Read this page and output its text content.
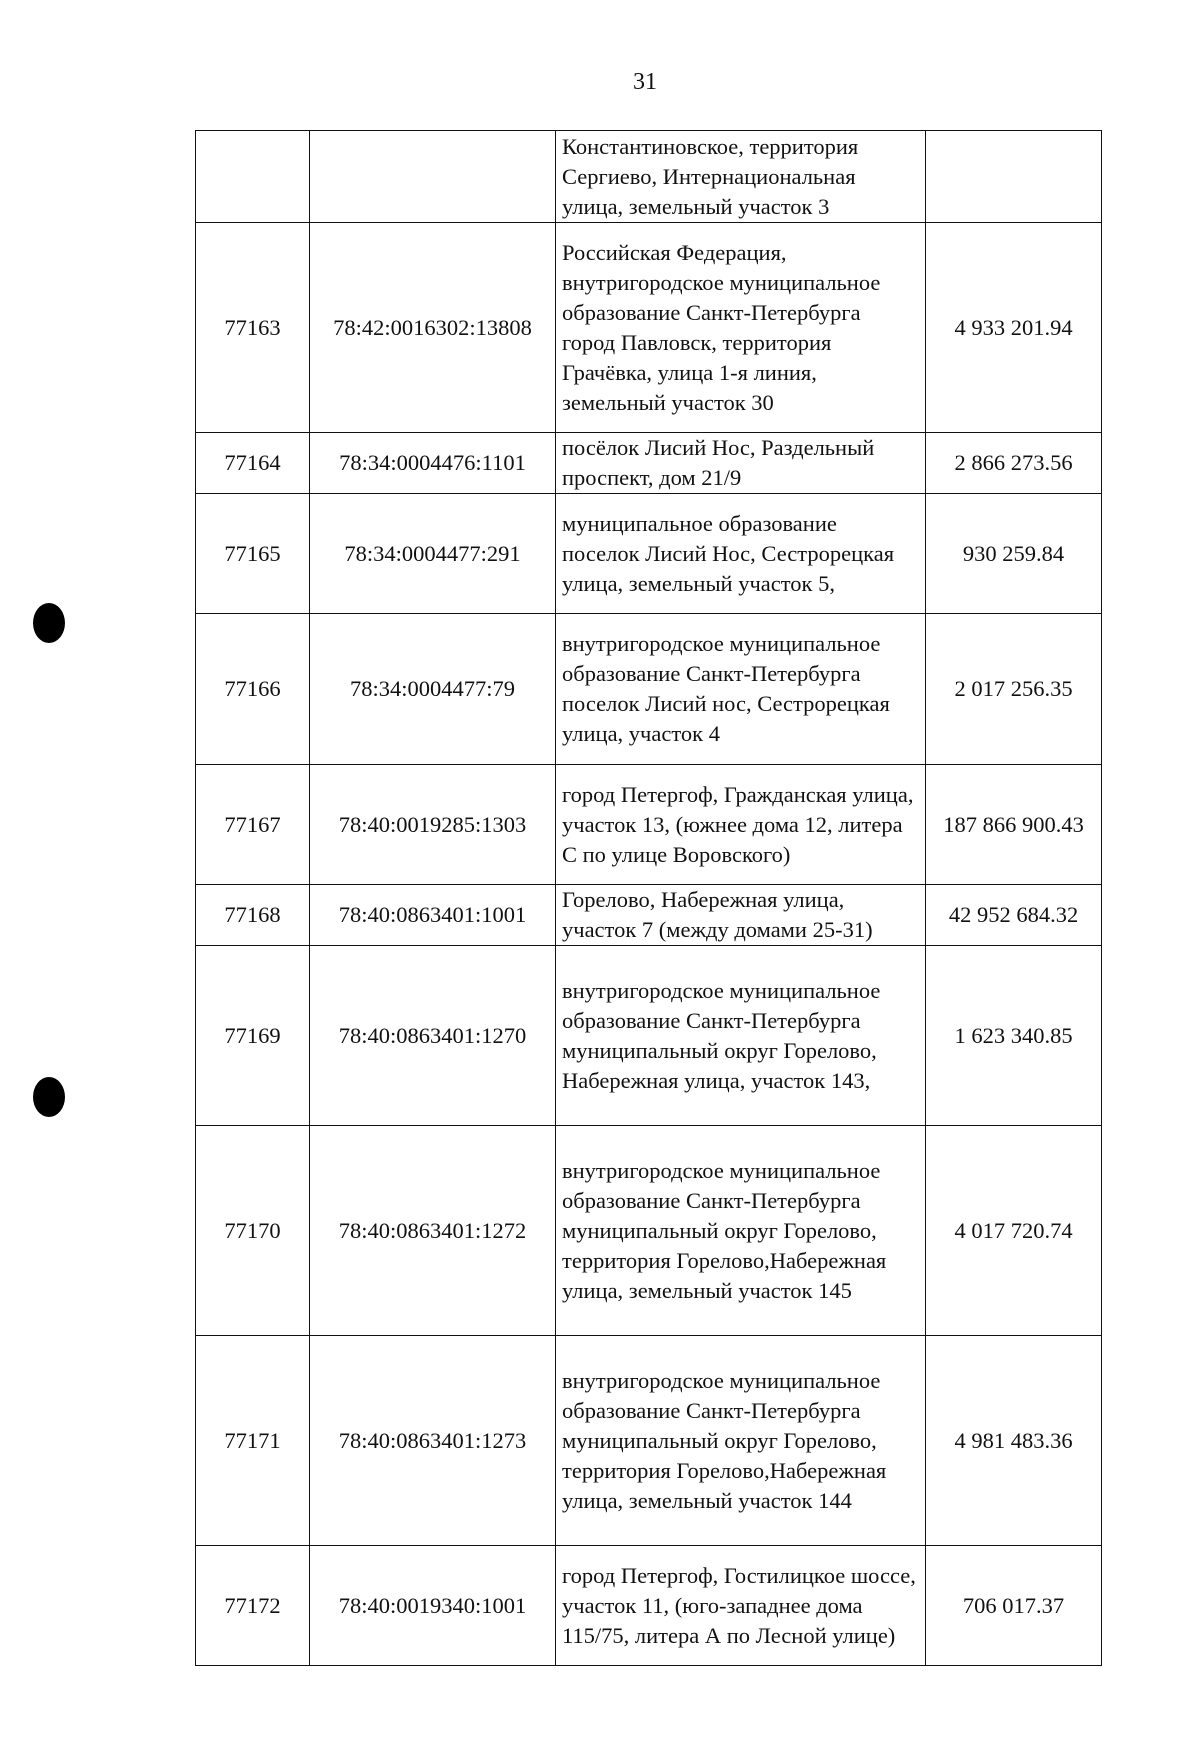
31
		Константиновское, территория Сергиево, Интернациональная улица, земельный участок 3	
77163	78:42:0016302:13808	Российская Федерация, внутригородское муниципальное образование Санкт-Петербурга город Павловск, территория Грачёвка, улица 1-я линия, земельный участок 30	4 933 201.94
77164	78:34:0004476:1101	посёлок Лисий Нос, Раздельный проспект, дом 21/9	2 866 273.56
77165	78:34:0004477:291	муниципальное образование поселок Лисий Нос, Сестрорецкая улица, земельный участок 5,	930 259.84
77166	78:34:0004477:79	внутригородское муниципальное образование Санкт-Петербурга поселок Лисий нос, Сестрорецкая улица, участок 4	2 017 256.35
77167	78:40:0019285:1303	город Петергоф, Гражданская улица, участок 13, (южнее дома 12, литера С по улице Воровского)	187 866 900.43
77168	78:40:0863401:1001	Горелово, Набережная улица, участок 7 (между домами 25-31)	42 952 684.32
77169	78:40:0863401:1270	внутригородское муниципальное образование Санкт-Петербурга муниципальный округ Горелово, Набережная улица, участок 143,	1 623 340.85
77170	78:40:0863401:1272	внутригородское муниципальное образование Санкт-Петербурга муниципальный округ Горелово, территория Горелово,Набережная улица, земельный участок 145	4 017 720.74
77171	78:40:0863401:1273	внутригородское муниципальное образование Санкт-Петербурга муниципальный округ Горелово, территория Горелово,Набережная улица, земельный участок 144	4 981 483.36
77172	78:40:0019340:1001	город Петергоф, Гостилицкое шоссе, участок 11, (юго-западнее дома 115/75, литера А по Лесной улице)	706 017.37
